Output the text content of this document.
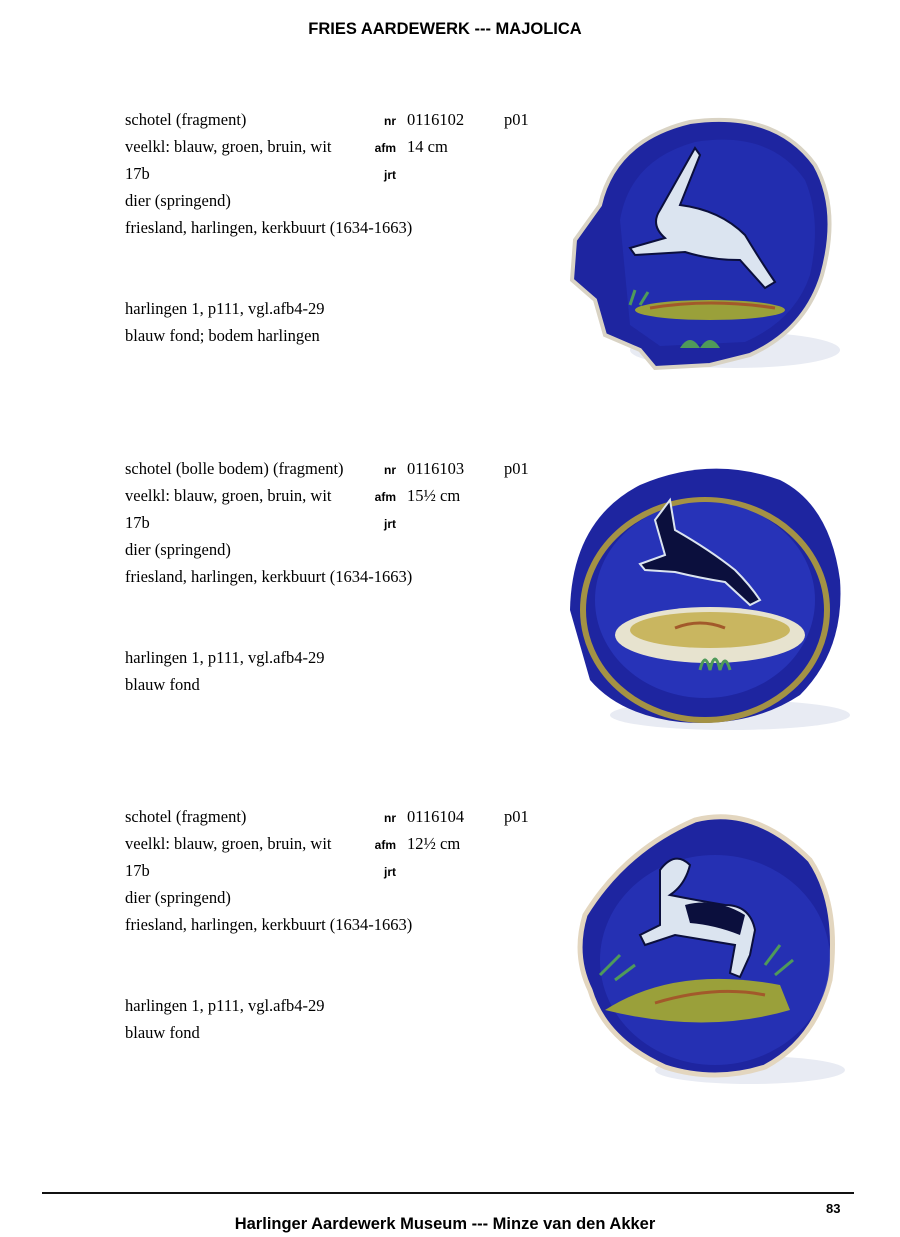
FRIES AARDEWERK --- MAJOLICA
schotel (fragment)	nr 0116102 p01
veelkl: blauw, groen, bruin, wit	afm 14 cm
17b	jrt
dier (springend)
friesland, harlingen, kerkbuurt (1634-1663)
harlingen 1, p111, vgl.afb4-29
blauw fond; bodem harlingen
schotel (bolle bodem) (fragment)	nr 0116103 p01
veelkl: blauw, groen, bruin, wit	afm 15½ cm
17b	jrt
dier (springend)
friesland, harlingen, kerkbuurt (1634-1663)
harlingen 1, p111, vgl.afb4-29
blauw fond
schotel (fragment)	nr 0116104 p01
veelkl: blauw, groen, bruin, wit	afm 12½ cm
17b	jrt
dier (springend)
friesland, harlingen, kerkbuurt (1634-1663)
harlingen 1, p111, vgl.afb4-29
blauw fond
83
Harlinger Aardewerk Museum --- Minze van den Akker
